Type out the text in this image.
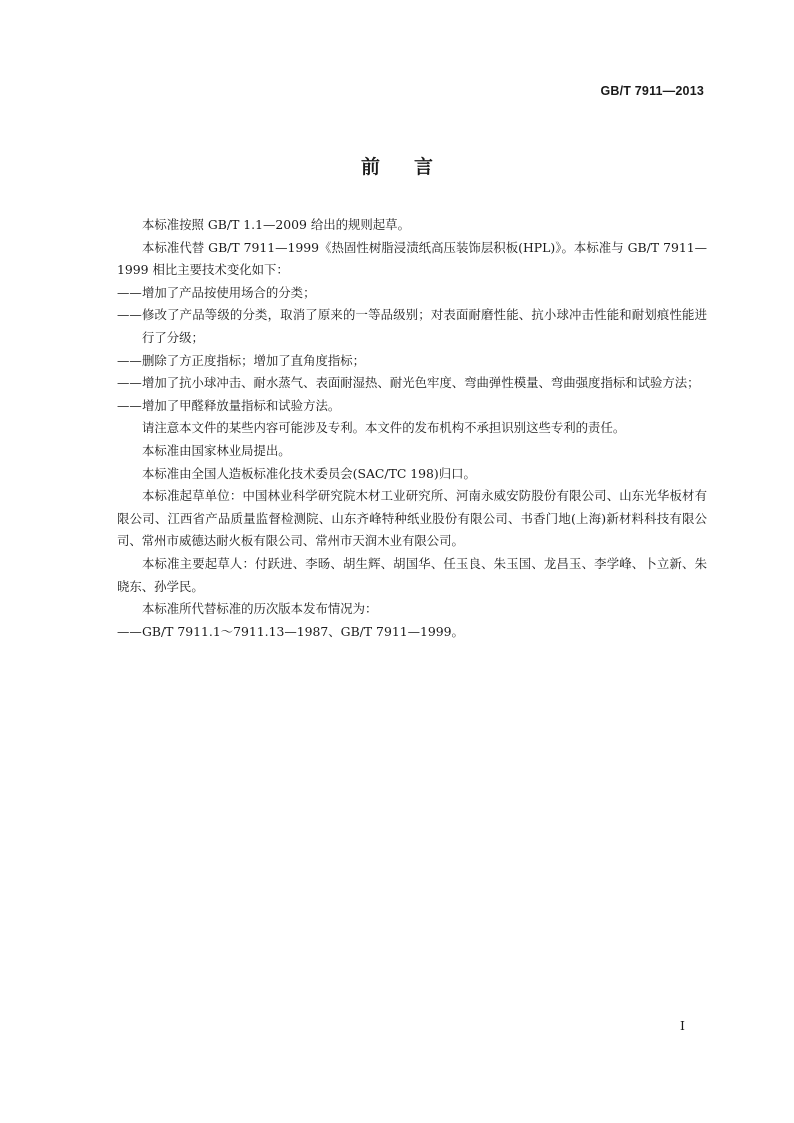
GB/T 7911—2013
前言

本标准按照 GB/T 1.1—2009 给出的规则起草。

本标准代替 GB/T 7911—1999《热固性树脂浸渍纸高压装饰层积板(HPL)》。本标准与 GB/T 7911—1999 相比主要技术变化如下：

—— 增加了产品按使用场合的分类；
—— 修改了产品等级的分类，取消了原来的一等品级别；对表面耐磨性能、抗小球冲击性能和耐划痕性能进行了分级；
—— 删除了方正度指标；增加了直角度指标；
—— 增加了抗小球冲击、耐水蒸气、表面耐湿热、耐光色牢度、弯曲弹性模量、弯曲强度指标和试验方法；
—— 增加了甲醛释放量指标和试验方法。

请注意本文件的某些内容可能涉及专利。本文件的发布机构不承担识别这些专利的责任。

本标准由国家林业局提出。

本标准由全国人造板标准化技术委员会(SAC/TC 198)归口。

本标准起草单位：中国林业科学研究院木材工业研究所、河南永威安防股份有限公司、山东光华板材有限公司、江西省产品质量监督检测院、山东齐峰特种纸业股份有限公司、书香门地(上海)新材料科技有限公司、常州市威德达耐火板有限公司、常州市天润木业有限公司。

本标准主要起草人：付跃进、李旸、胡生辉、胡国华、任玉良、朱玉国、龙昌玉、李学峰、卜立新、朱晓东、孙学民。

本标准所代替标准的历次版本发布情况为：

—— GB/T 7911.1～7911.13—1987、GB/T 7911—1999。
I
